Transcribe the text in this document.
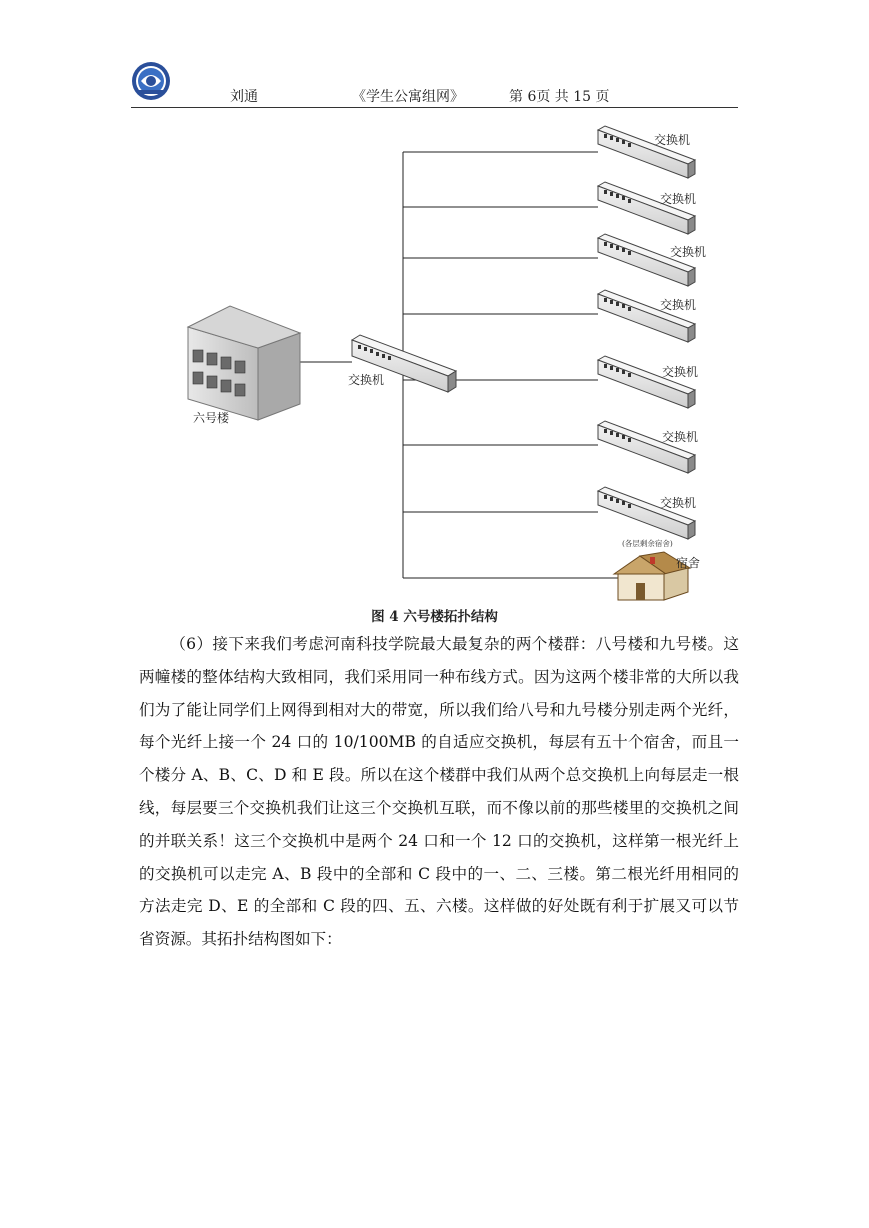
刘通	《学生公寓组网》	第 6页 共 15 页
六号楼
交换机
交换机
交换机
交换机
交换机
交换机
交换机
交换机
(各层剩余宿舍)
宿舍
图 4 六号楼拓扑结构

（6）接下来我们考虑河南科技学院最大最复杂的两个楼群：八号楼和九号楼。这两幢楼的整体结构大致相同，我们采用同一种布线方式。因为这两个楼非常的大所以我们为了能让同学们上网得到相对大的带宽，所以我们给八号和九号楼分别走两个光纤，每个光纤上接一个 24 口的 10/100MB 的自适应交换机，每层有五十个宿舍，而且一个楼分 A、B、C、D 和 E 段。所以在这个楼群中我们从两个总交换机上向每层走一根线，每层要三个交换机我们让这三个交换机互联，而不像以前的那些楼里的交换机之间的并联关系！这三个交换机中是两个 24 口和一个 12 口的交换机，这样第一根光纤上的交换机可以走完 A、B 段中的全部和 C 段中的一、二、三楼。第二根光纤用相同的方法走完 D、E 的全部和 C 段的四、五、六楼。这样做的好处既有利于扩展又可以节省资源。其拓扑结构图如下：
